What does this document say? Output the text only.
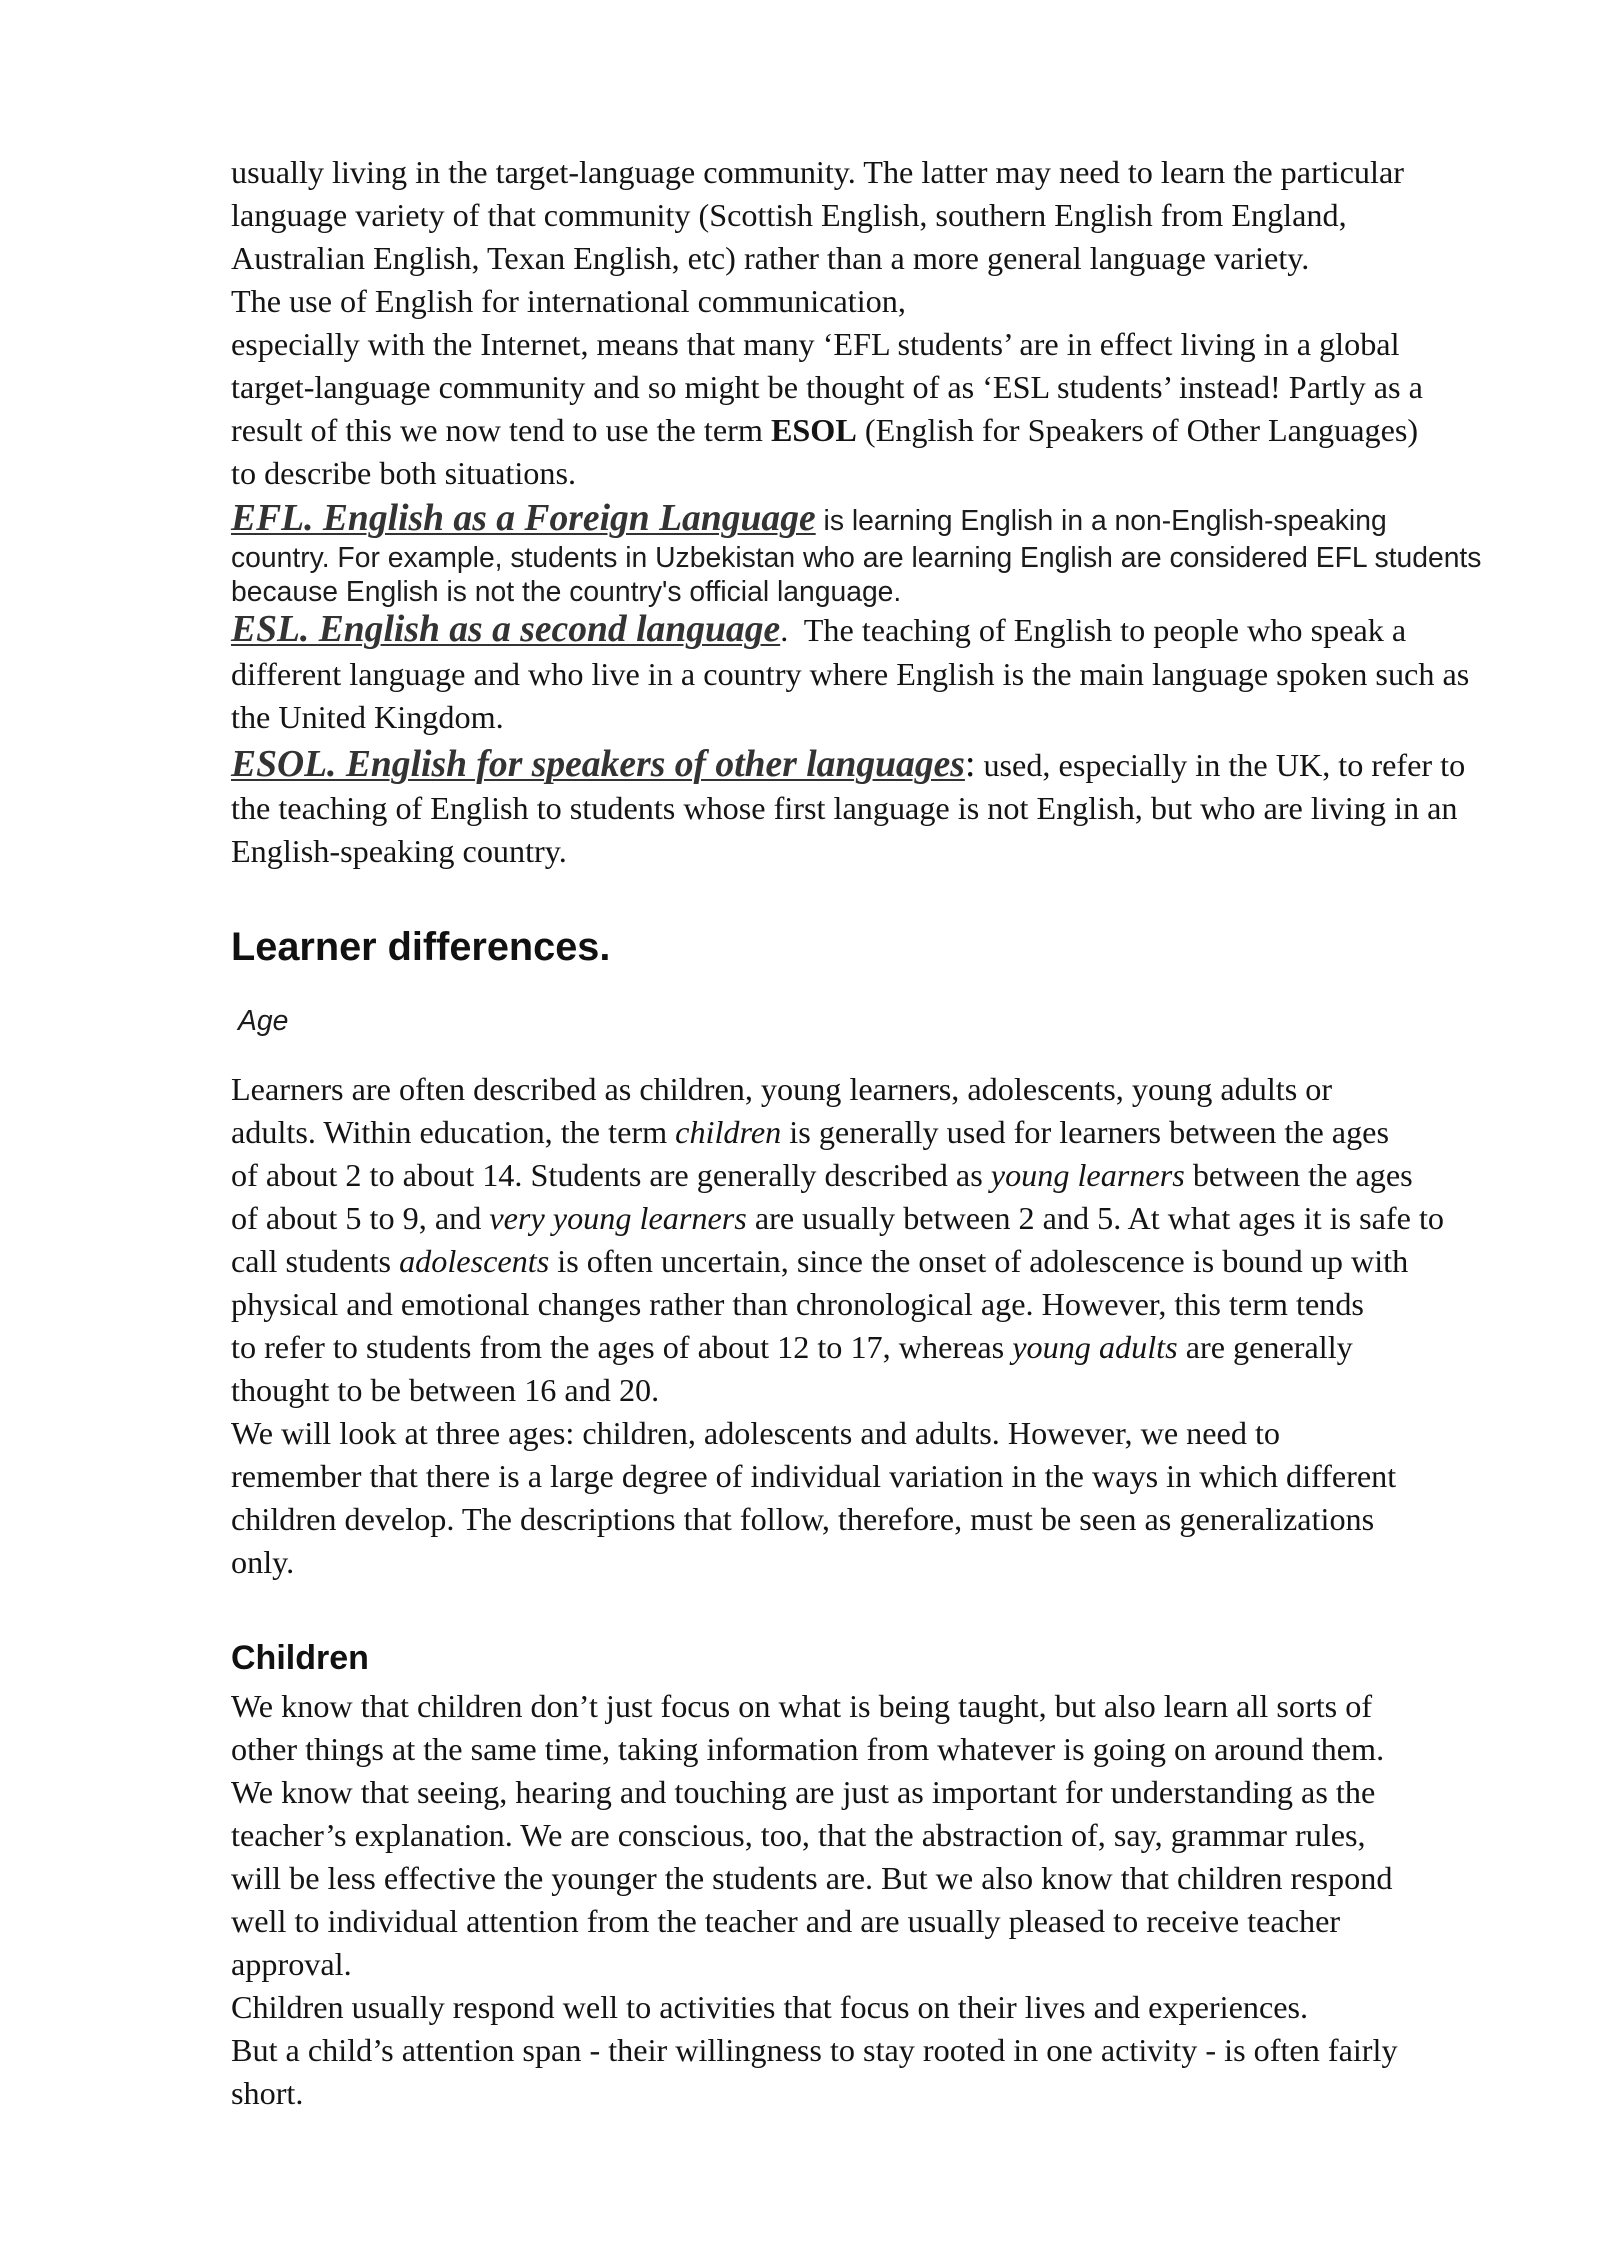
usually living in the target-language community. The latter may need to learn the particular
language variety of that community (Scottish English, southern English from England,
Australian English, Texan English, etc) rather than a more general language variety.
The use of English for international communication,
especially with the Internet, means that many ‘EFL students’ are in effect living in a global
target-language community and so might be thought of as ‘ESL students’ instead! Partly as a
result of this we now tend to use the term ESOL (English for Speakers of Other Languages)
to describe both situations.
EFL. English as a Foreign Language is learning English in a non-English-speaking
country. For example, students in Uzbekistan who are learning English are considered EFL students
because English is not the country's official language.
ESL. English as a second language.  The teaching of English to people who speak a
different language and who live in a country where English is the main language spoken such as
the United Kingdom.
ESOL. English for speakers of other languages: used, especially in the UK, to refer to
the teaching of English to students whose first language is not English, but who are living in an
English-speaking country.
Learner differences.
Age
Learners are often described as children, young learners, adolescents, young adults or
adults. Within education, the term children is generally used for learners between the ages
of about 2 to about 14. Students are generally described as young learners between the ages
of about 5 to 9, and very young learners are usually between 2 and 5. At what ages it is safe to
call students adolescents is often uncertain, since the onset of adolescence is bound up with
physical and emotional changes rather than chronological age. However, this term tends
to refer to students from the ages of about 12 to 17, whereas young adults are generally
thought to be between 16 and 20.
We will look at three ages: children, adolescents and adults. However, we need to
remember that there is a large degree of individual variation in the ways in which different
children develop. The descriptions that follow, therefore, must be seen as generalizations
only.
Children
We know that children don’t just focus on what is being taught, but also learn all sorts of
other things at the same time, taking information from whatever is going on around them.
We know that seeing, hearing and touching are just as important for understanding as the
teacher’s explanation. We are conscious, too, that the abstraction of, say, grammar rules,
will be less effective the younger the students are. But we also know that children respond
well to individual attention from the teacher and are usually pleased to receive teacher
approval.
Children usually respond well to activities that focus on their lives and experiences.
But a child’s attention span - their willingness to stay rooted in one activity - is often fairly
short.
